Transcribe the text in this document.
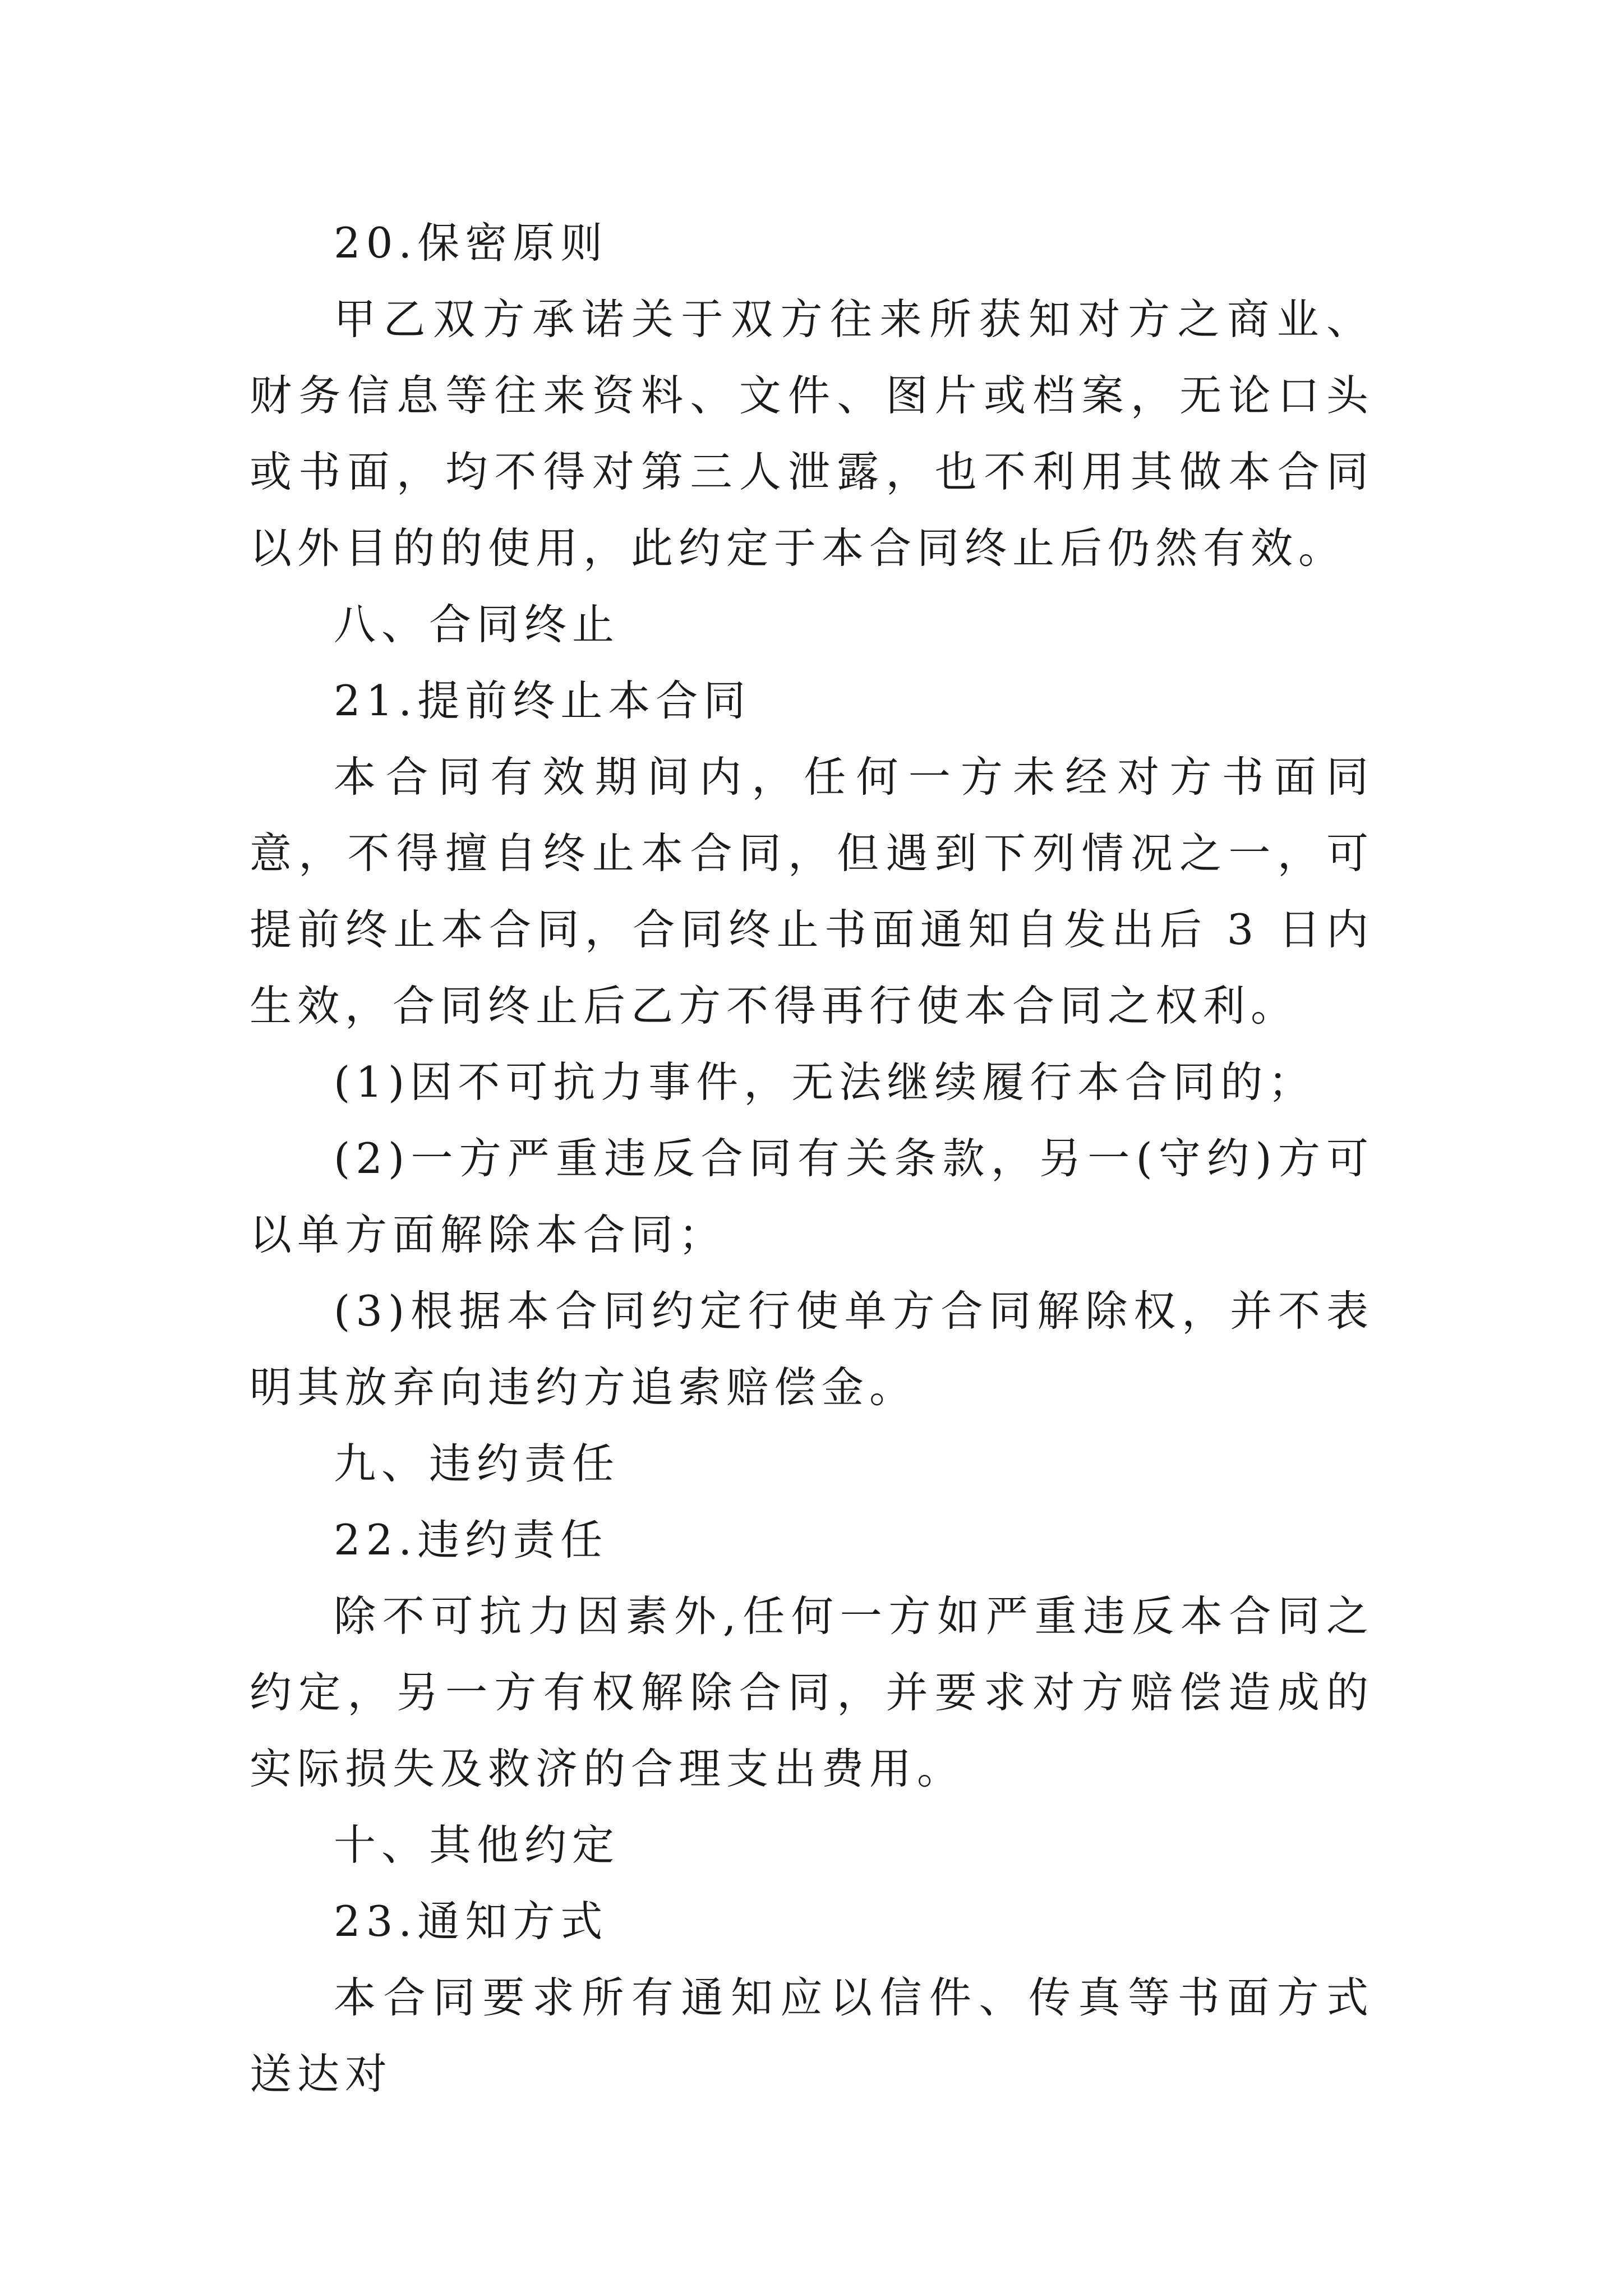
20.保密原则

甲乙双方承诺关于双方往来所获知对方之商业、财务信息等往来资料、文件、图片或档案，无论口头或书面，均不得对第三人泄露，也不利用其做本合同以外目的的使用，此约定于本合同终止后仍然有效。

八、合同终止

21.提前终止本合同

本合同有效期间内，任何一方未经对方书面同意，不得擅自终止本合同，但遇到下列情况之一，可提前终止本合同，合同终止书面通知自发出后 3 日内生效，合同终止后乙方不得再行使本合同之权利。

(1)因不可抗力事件，无法继续履行本合同的；

(2)一方严重违反合同有关条款，另一(守约)方可以单方面解除本合同；

(3)根据本合同约定行使单方合同解除权，并不表明其放弃向违约方追索赔偿金。

九、违约责任

22.违约责任

除不可抗力因素外,任何一方如严重违反本合同之约定，另一方有权解除合同，并要求对方赔偿造成的实际损失及救济的合理支出费用。

十、其他约定

23.通知方式

本合同要求所有通知应以信件、传真等书面方式送达对
